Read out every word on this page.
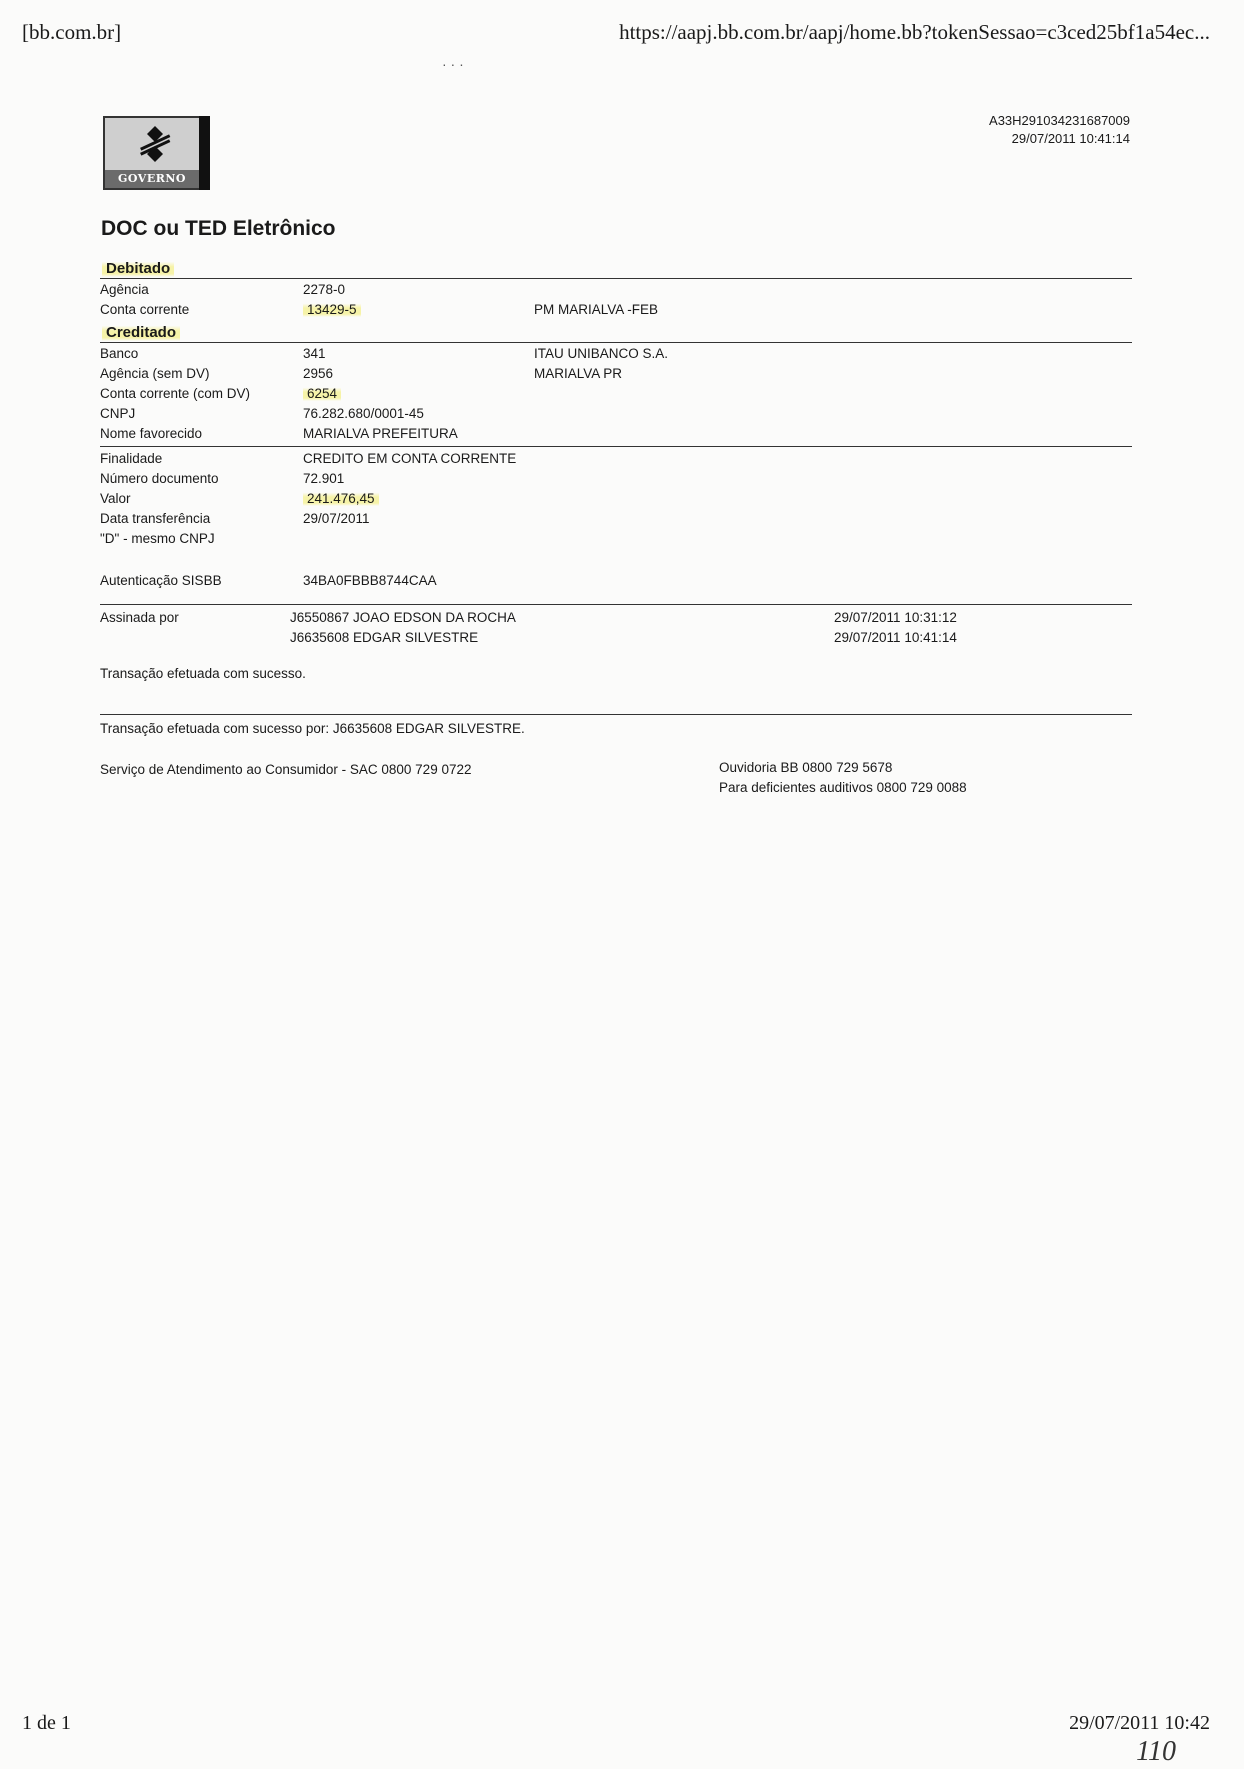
[bb.com.br]	https://aapj.bb.com.br/aapj/home.bb?tokenSessao=c3ced25bf1a54ec...
· · ·
GOVERNO
A33H291034231687009
29/07/2011 10:41:14
DOC ou TED Eletrônico
Debitado
Agência	2278-0
Conta corrente	13429-5	PM MARIALVA -FEB
Creditado
Banco	341	ITAU UNIBANCO S.A.
Agência (sem DV)	2956	MARIALVA PR
Conta corrente (com DV)	6254
CNPJ	76.282.680/0001-45
Nome favorecido	MARIALVA PREFEITURA
Finalidade	CREDITO EM CONTA CORRENTE
Número documento	72.901
Valor	241.476,45
Data transferência	29/07/2011
"D" - mesmo CNPJ
Autenticação SISBB	34BA0FBBB8744CAA
Assinada por	J6550867 JOAO EDSON DA ROCHA	29/07/2011 10:31:12
J6635608 EDGAR SILVESTRE	29/07/2011 10:41:14
Transação efetuada com sucesso.
Transação efetuada com sucesso por: J6635608 EDGAR SILVESTRE.
Serviço de Atendimento ao Consumidor - SAC 0800 729 0722	Ouvidoria BB 0800 729 5678
Para deficientes auditivos 0800 729 0088
1 de 1	29/07/2011 10:42
110
